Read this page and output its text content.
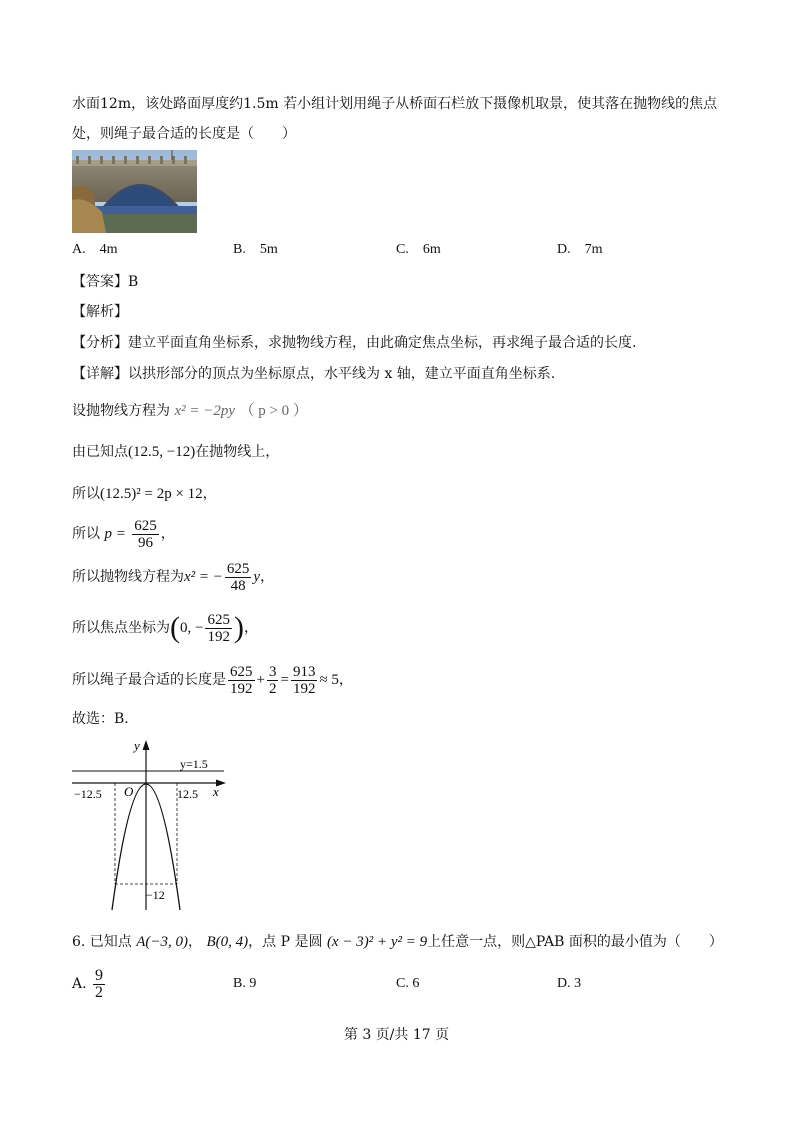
水面12m，该处路面厚度约1.5m 若小组计划用绳子从桥面石栏放下摄像机取景，使其落在抛物线的焦点
处，则绳子最合适的长度是（　　）
A.　4m	B.　5m	C.　6m	D.　7m
【答案】B
【解析】
【分析】建立平面直角坐标系，求抛物线方程，由此确定焦点坐标，再求绳子最合适的长度.
【详解】以拱形部分的顶点为坐标原点，水平线为 x 轴，建立平面直角坐标系.
设抛物线方程为 x² = −2py （ p > 0 ）
由已知点(12.5, −12)在抛物线上，
所以(12.5)² = 2p × 12，
所以 $p = \frac{625}{96}$ ，
所以抛物线方程为x² = − $\frac{625}{48}$ y，
所以焦点坐标为(0, − $\frac{625}{192}$ )，
所以绳子最合适的长度是 $\frac{625}{192} + \frac{3}{2} = \frac{913}{192} \approx 5$，
故选：B.
y
x
O
y=1.5
−12.5	12.5
−12
6. 已知点 A(−3, 0)， B(0, 4)，点 P 是圆 (x − 3)² + y² = 9上任意一点，则△PAB 面积的最小值为（　　）
A. $\frac{9}{2}$	B. 9	C. 6	D. 3
第 3 页/共 17 页
